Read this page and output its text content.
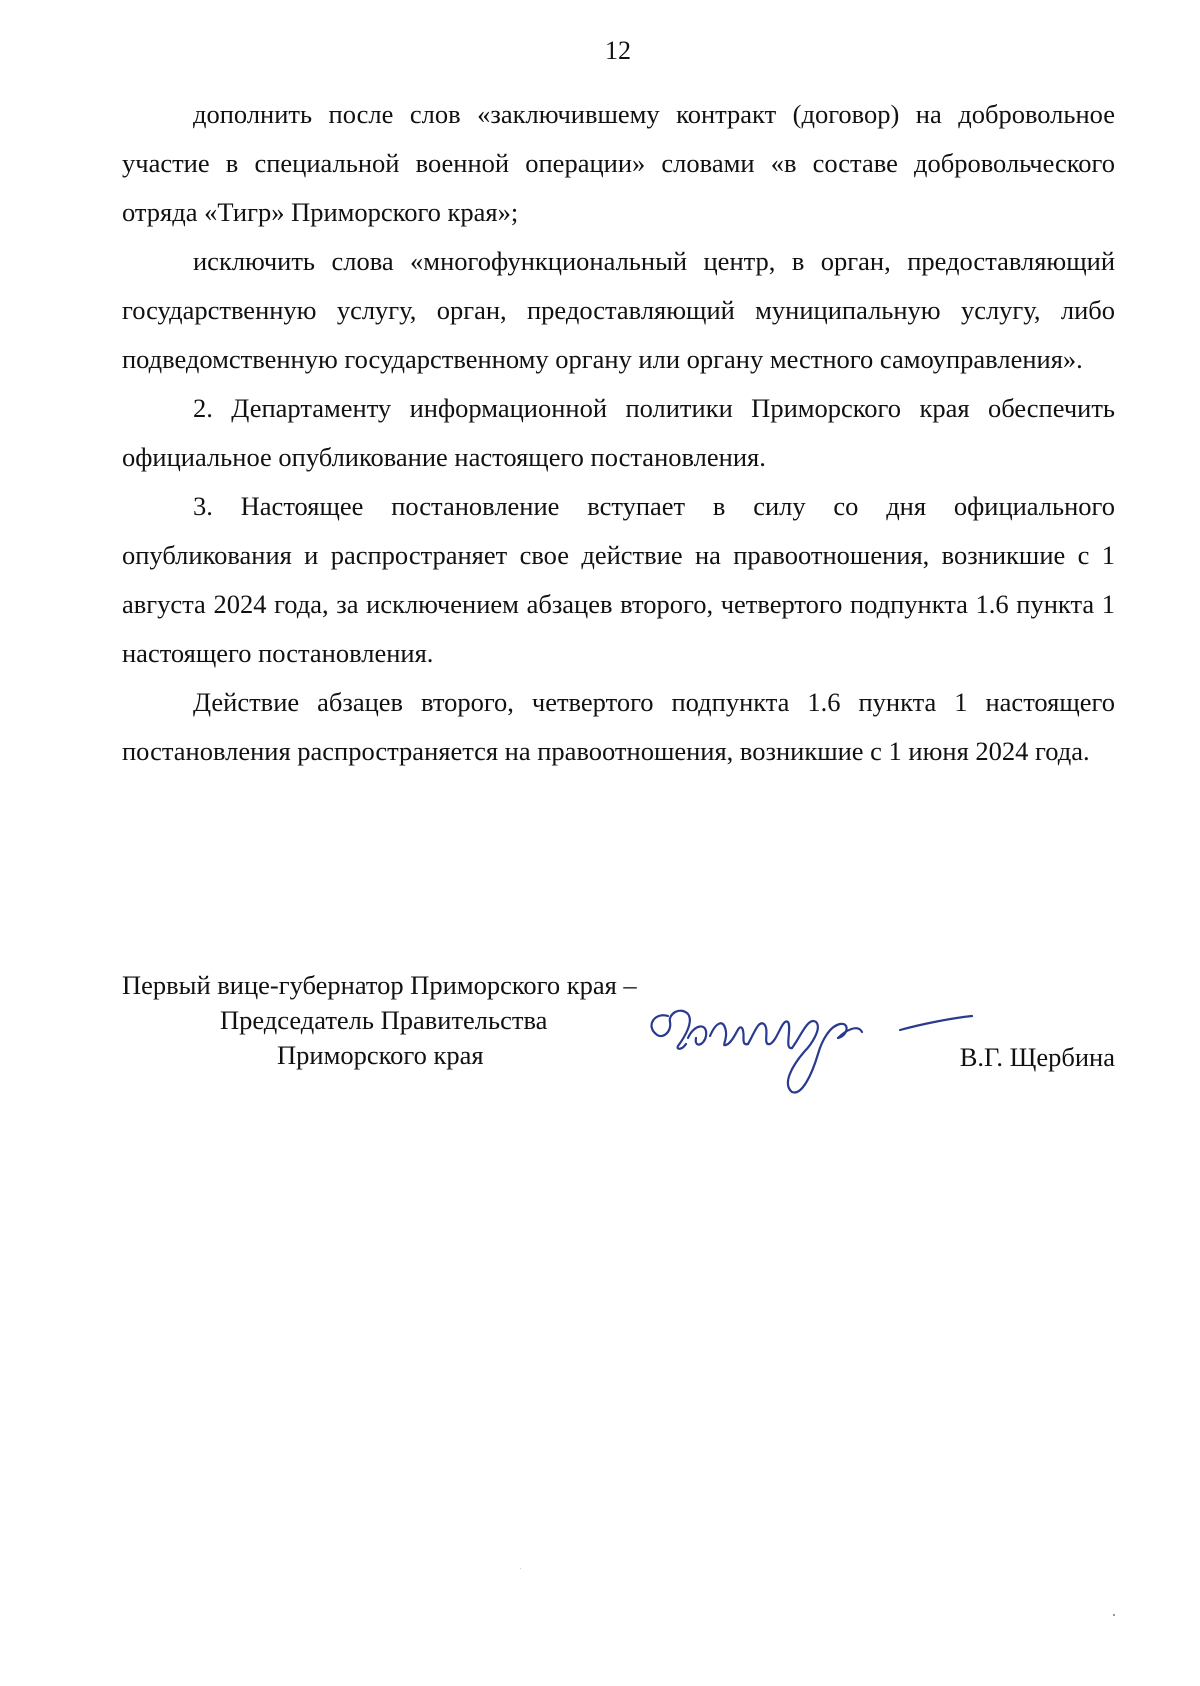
12

дополнить после слов «заключившему контракт (договор) на добровольное участие в специальной военной операции» словами «в составе добровольческого отряда «Тигр» Приморского края»;

исключить слова «многофункциональный центр, в орган, предоставляющий государственную услугу, орган, предоставляющий муниципальную услугу, либо подведомственную государственному органу или органу местного самоуправления».

2. Департаменту информационной политики Приморского края обеспечить официальное опубликование настоящего постановления.

3. Настоящее постановление вступает в силу со дня официального опубликования и распространяет свое действие на правоотношения, возникшие с 1 августа 2024 года, за исключением абзацев второго, четвертого подпункта 1.6 пункта 1 настоящего постановления.

Действие абзацев второго, четвертого подпункта 1.6 пункта 1 настоящего постановления распространяется на правоотношения, возникшие с 1 июня 2024 года.

Первый вице-губернатор Приморского края –
Председатель Правительства
Приморского края	В.Г. Щербина
